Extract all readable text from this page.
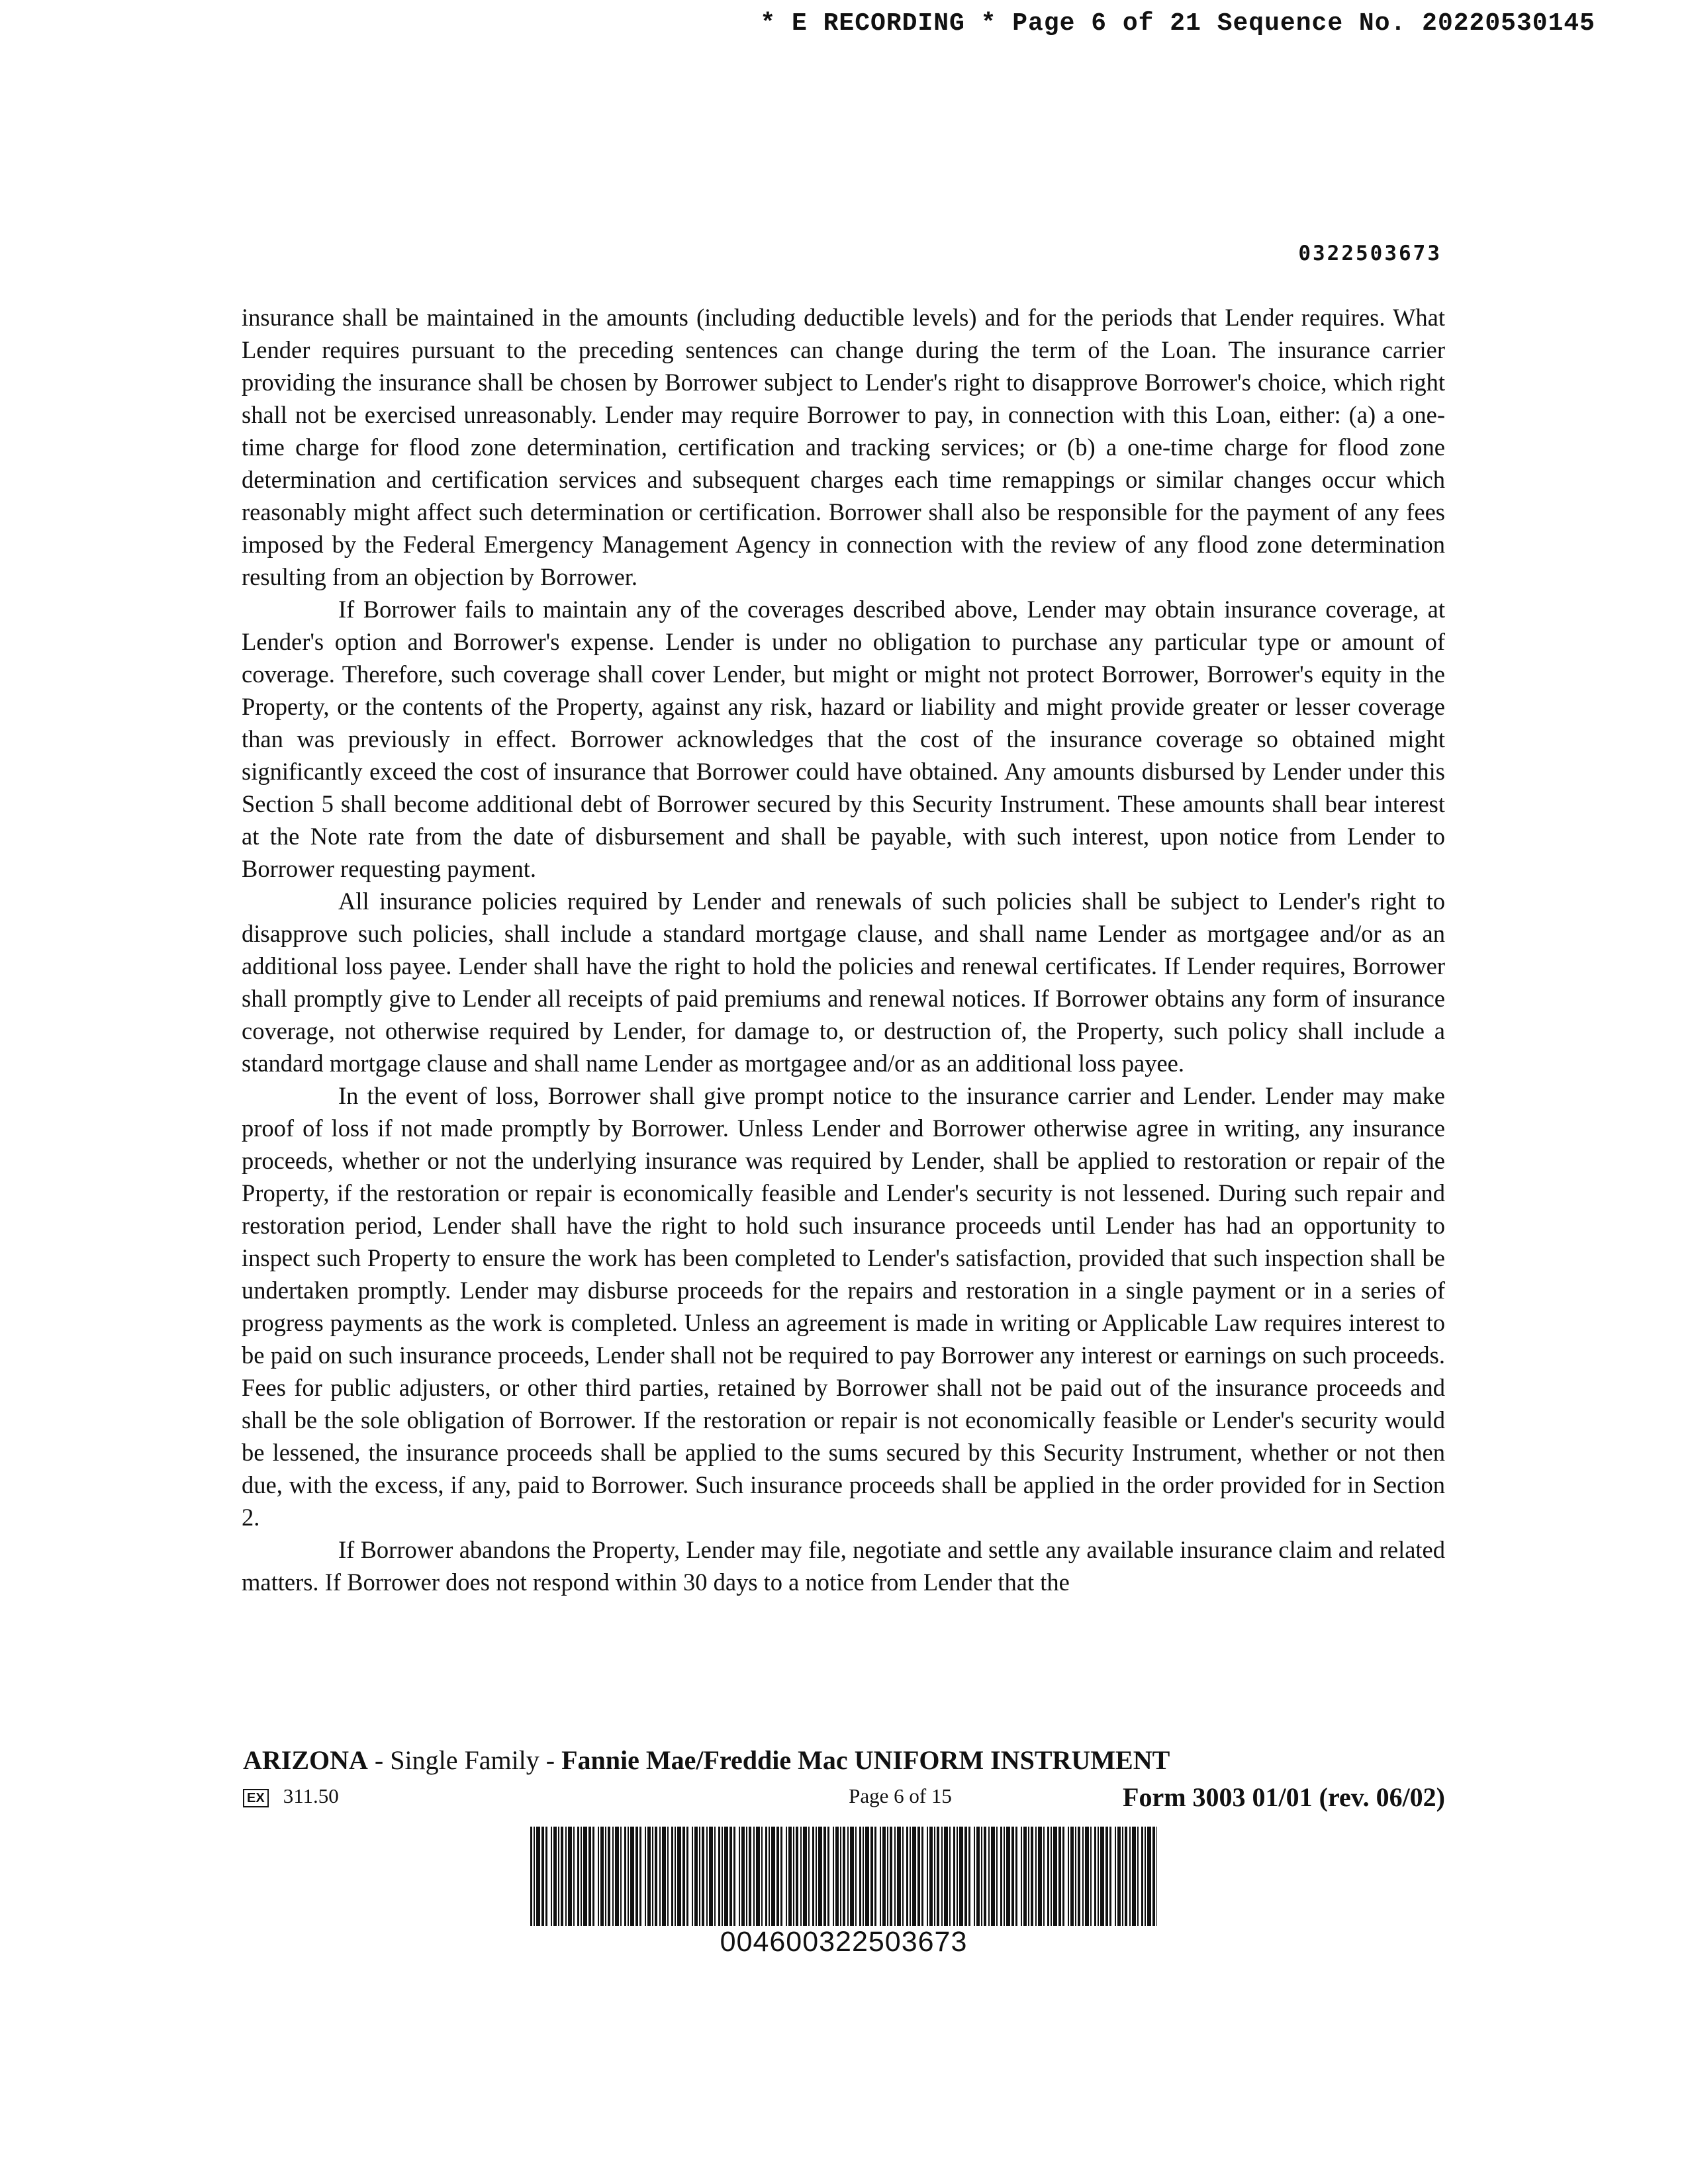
* E RECORDING * Page 6 of 21 Sequence No. 20220530145
0322503673

insurance shall be maintained in the amounts (including deductible levels) and for the periods that Lender requires. What Lender requires pursuant to the preceding sentences can change during the term of the Loan. The insurance carrier providing the insurance shall be chosen by Borrower subject to Lender's right to disapprove Borrower's choice, which right shall not be exercised unreasonably. Lender may require Borrower to pay, in connection with this Loan, either: (a) a one-time charge for flood zone determination, certification and tracking services; or (b) a one-time charge for flood zone determination and certification services and subsequent charges each time remappings or similar changes occur which reasonably might affect such determination or certification. Borrower shall also be responsible for the payment of any fees imposed by the Federal Emergency Management Agency in connection with the review of any flood zone determination resulting from an objection by Borrower.

If Borrower fails to maintain any of the coverages described above, Lender may obtain insurance coverage, at Lender's option and Borrower's expense. Lender is under no obligation to purchase any particular type or amount of coverage. Therefore, such coverage shall cover Lender, but might or might not protect Borrower, Borrower's equity in the Property, or the contents of the Property, against any risk, hazard or liability and might provide greater or lesser coverage than was previously in effect. Borrower acknowledges that the cost of the insurance coverage so obtained might significantly exceed the cost of insurance that Borrower could have obtained. Any amounts disbursed by Lender under this Section 5 shall become additional debt of Borrower secured by this Security Instrument. These amounts shall bear interest at the Note rate from the date of disbursement and shall be payable, with such interest, upon notice from Lender to Borrower requesting payment.

All insurance policies required by Lender and renewals of such policies shall be subject to Lender's right to disapprove such policies, shall include a standard mortgage clause, and shall name Lender as mortgagee and/or as an additional loss payee. Lender shall have the right to hold the policies and renewal certificates. If Lender requires, Borrower shall promptly give to Lender all receipts of paid premiums and renewal notices. If Borrower obtains any form of insurance coverage, not otherwise required by Lender, for damage to, or destruction of, the Property, such policy shall include a standard mortgage clause and shall name Lender as mortgagee and/or as an additional loss payee.

In the event of loss, Borrower shall give prompt notice to the insurance carrier and Lender. Lender may make proof of loss if not made promptly by Borrower. Unless Lender and Borrower otherwise agree in writing, any insurance proceeds, whether or not the underlying insurance was required by Lender, shall be applied to restoration or repair of the Property, if the restoration or repair is economically feasible and Lender's security is not lessened. During such repair and restoration period, Lender shall have the right to hold such insurance proceeds until Lender has had an opportunity to inspect such Property to ensure the work has been completed to Lender's satisfaction, provided that such inspection shall be undertaken promptly. Lender may disburse proceeds for the repairs and restoration in a single payment or in a series of progress payments as the work is completed. Unless an agreement is made in writing or Applicable Law requires interest to be paid on such insurance proceeds, Lender shall not be required to pay Borrower any interest or earnings on such proceeds. Fees for public adjusters, or other third parties, retained by Borrower shall not be paid out of the insurance proceeds and shall be the sole obligation of Borrower. If the restoration or repair is not economically feasible or Lender's security would be lessened, the insurance proceeds shall be applied to the sums secured by this Security Instrument, whether or not then due, with the excess, if any, paid to Borrower. Such insurance proceeds shall be applied in the order provided for in Section 2.

If Borrower abandons the Property, Lender may file, negotiate and settle any available insurance claim and related matters. If Borrower does not respond within 30 days to a notice from Lender that the

ARIZONA - Single Family - Fannie Mae/Freddie Mac UNIFORM INSTRUMENT
EX 311.50	Page 6 of 15	Form 3003 01/01 (rev. 06/02)
004600322503673
